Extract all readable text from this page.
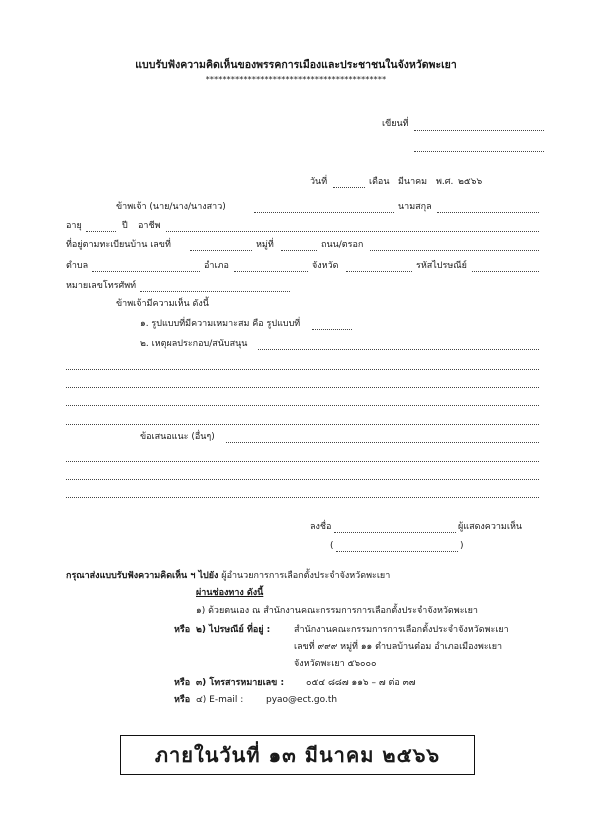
แบบรับฟังความคิดเห็นของพรรคการเมืองและประชาชนในจังหวัดพะเยา
*******************************************
เขียนที่
วันที่	เดือน มีนาคม พ.ศ. ๒๕๖๖
ข้าพเจ้า (นาย/นาง/นางสาว)	นามสกุล
อายุ	ปี อาชีพ
ที่อยู่ตามทะเบียนบ้าน เลขที่	หมู่ที่	ถนน/ตรอก
ตำบล	อำเภอ	จังหวัด	รหัสไปรษณีย์
หมายเลขโทรศัพท์
ข้าพเจ้ามีความเห็น ดังนี้
๑. รูปแบบที่มีความเหมาะสม คือ รูปแบบที่
๒. เหตุผลประกอบ/สนับสนุน
ข้อเสนอแนะ (อื่นๆ)
ลงชื่อ	ผู้แสดงความเห็น
(	)
กรุณาส่งแบบรับฟังความคิดเห็น ฯ ไปยัง ผู้อำนวยการการเลือกตั้งประจำจังหวัดพะเยา
ผ่านช่องทาง ดังนี้
๑) ด้วยตนเอง ณ สำนักงานคณะกรรมการการเลือกตั้งประจำจังหวัดพะเยา
หรือ ๒) ไปรษณีย์ ที่อยู่ :	สำนักงานคณะกรรมการการเลือกตั้งประจำจังหวัดพะเยา
เลขที่ ๙๙๙ หมู่ที่ ๑๑ ตำบลบ้านต๋อม อำเภอเมืองพะเยา
จังหวัดพะเยา ๕๖๐๐๐
หรือ ๓) โทรสารหมายเลข : ๐๕๔ ๘๘๗ ๑๑๖ – ๗ ต่อ ๓๗
หรือ ๔) E-mail :	pyao@ect.go.th
ภายในวันที่ ๑๓ มีนาคม ๒๕๖๖
